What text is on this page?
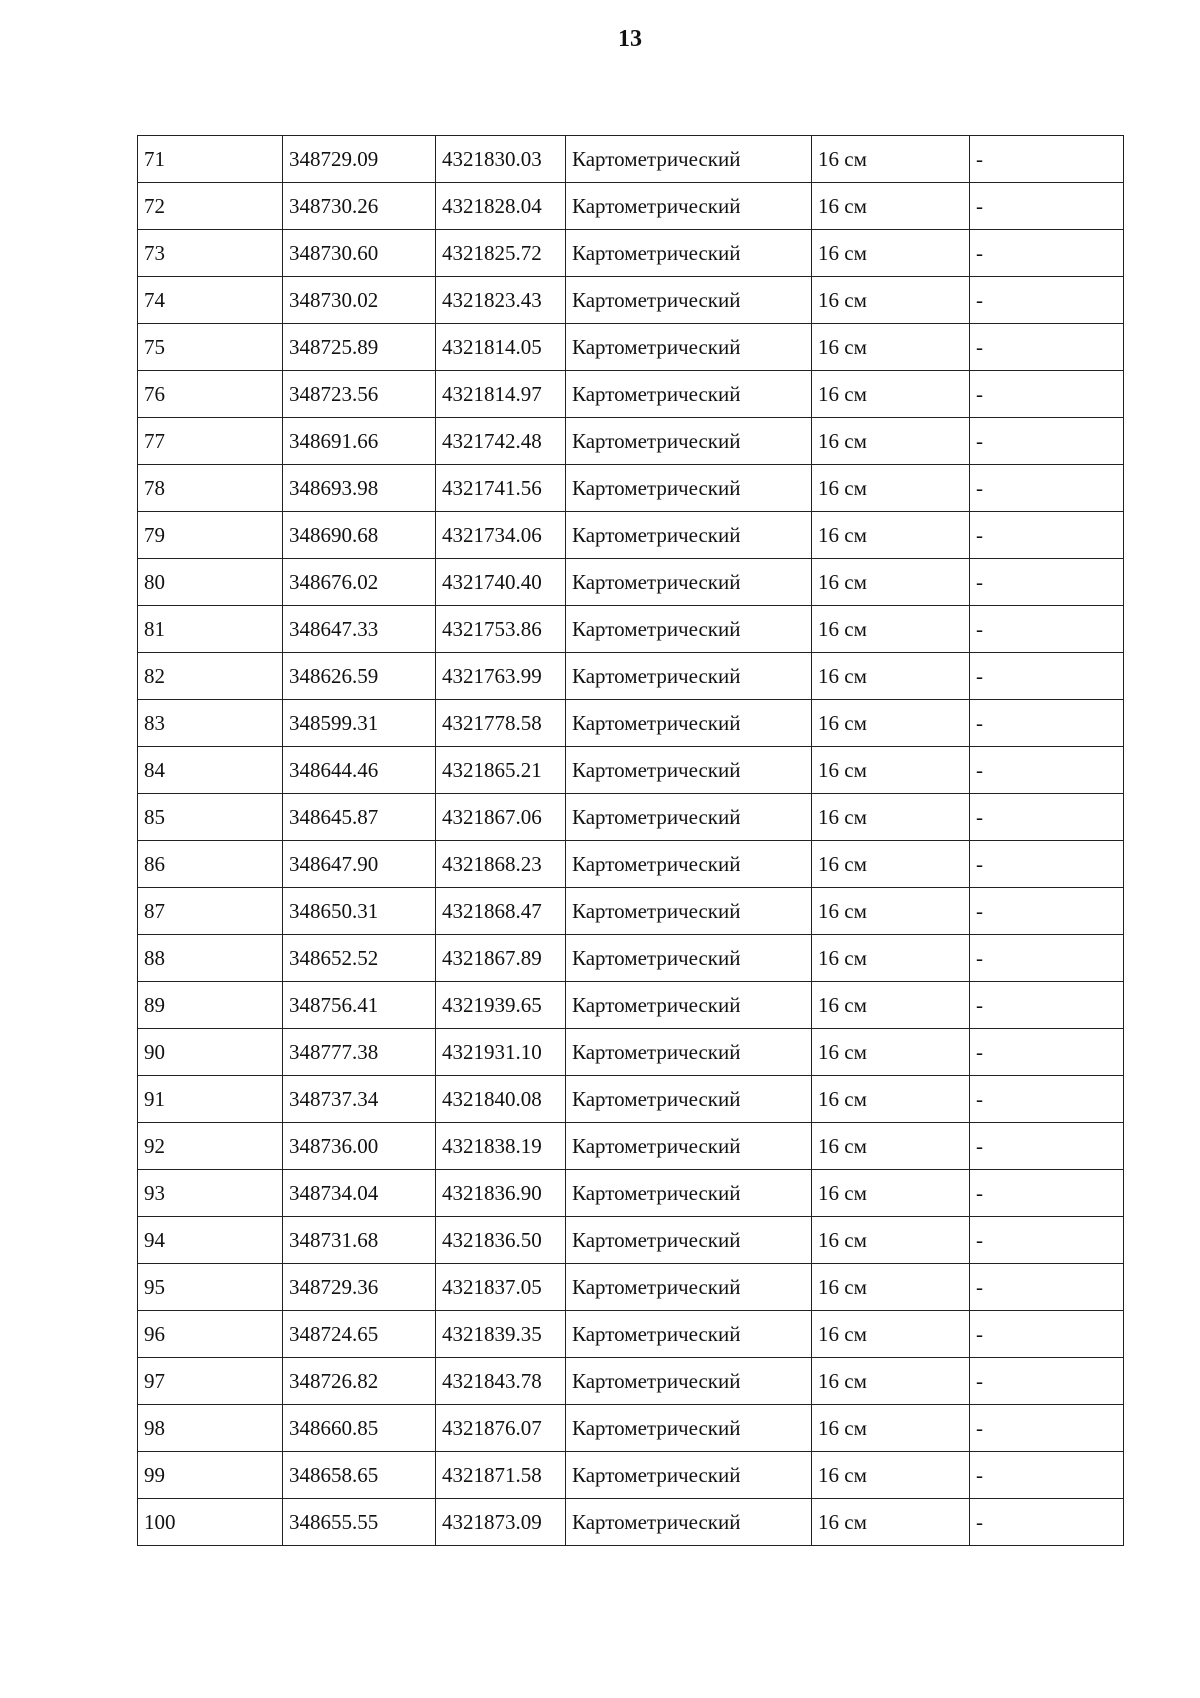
13
71	348729.09	4321830.03	Картометрический	16 см	-
72	348730.26	4321828.04	Картометрический	16 см	-
73	348730.60	4321825.72	Картометрический	16 см	-
74	348730.02	4321823.43	Картометрический	16 см	-
75	348725.89	4321814.05	Картометрический	16 см	-
76	348723.56	4321814.97	Картометрический	16 см	-
77	348691.66	4321742.48	Картометрический	16 см	-
78	348693.98	4321741.56	Картометрический	16 см	-
79	348690.68	4321734.06	Картометрический	16 см	-
80	348676.02	4321740.40	Картометрический	16 см	-
81	348647.33	4321753.86	Картометрический	16 см	-
82	348626.59	4321763.99	Картометрический	16 см	-
83	348599.31	4321778.58	Картометрический	16 см	-
84	348644.46	4321865.21	Картометрический	16 см	-
85	348645.87	4321867.06	Картометрический	16 см	-
86	348647.90	4321868.23	Картометрический	16 см	-
87	348650.31	4321868.47	Картометрический	16 см	-
88	348652.52	4321867.89	Картометрический	16 см	-
89	348756.41	4321939.65	Картометрический	16 см	-
90	348777.38	4321931.10	Картометрический	16 см	-
91	348737.34	4321840.08	Картометрический	16 см	-
92	348736.00	4321838.19	Картометрический	16 см	-
93	348734.04	4321836.90	Картометрический	16 см	-
94	348731.68	4321836.50	Картометрический	16 см	-
95	348729.36	4321837.05	Картометрический	16 см	-
96	348724.65	4321839.35	Картометрический	16 см	-
97	348726.82	4321843.78	Картометрический	16 см	-
98	348660.85	4321876.07	Картометрический	16 см	-
99	348658.65	4321871.58	Картометрический	16 см	-
100	348655.55	4321873.09	Картометрический	16 см	-
